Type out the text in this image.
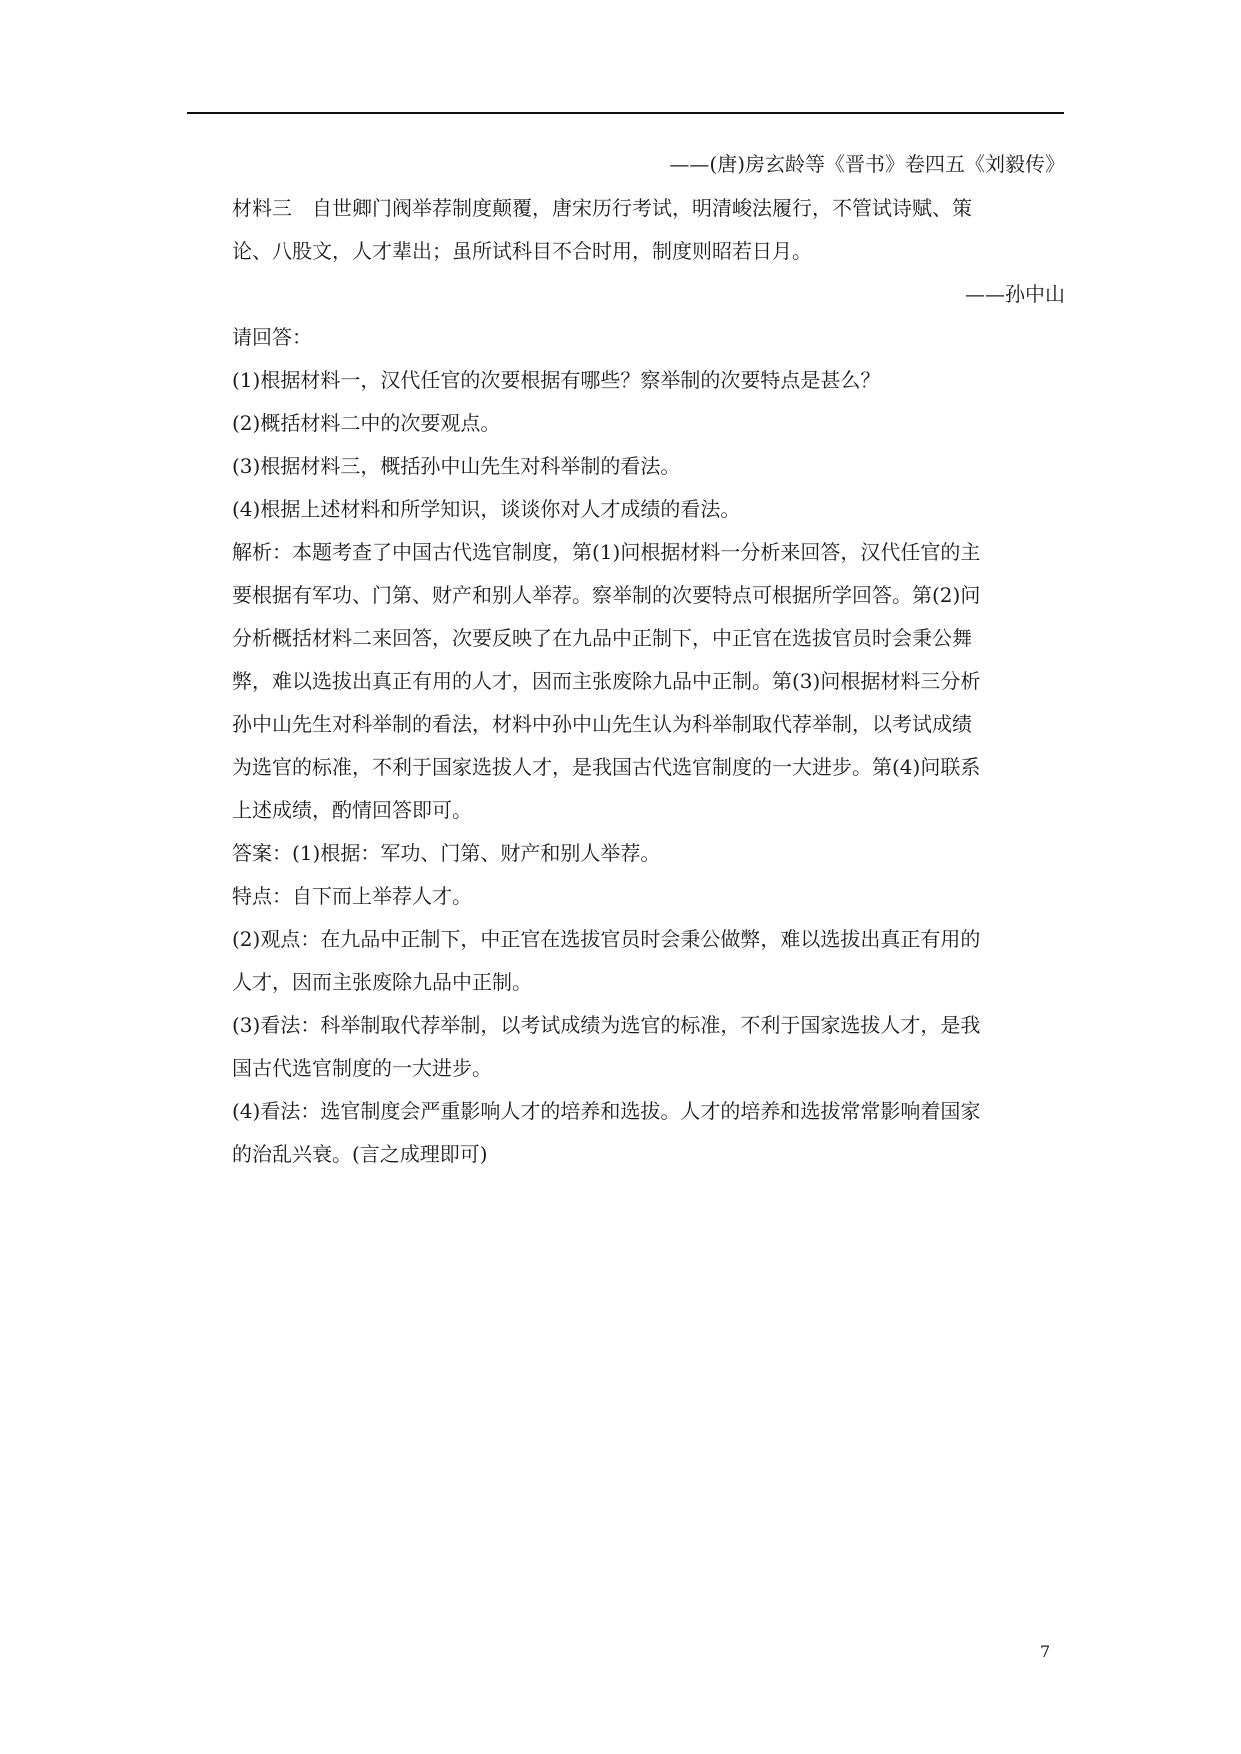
——(唐)房玄龄等《晋书》卷四五《刘毅传》
材料三　自世卿门阀举荐制度颠覆，唐宋历行考试，明清峻法履行，不管试诗赋、策
论、八股文，人才辈出；虽所试科目不合时用，制度则昭若日月。
——孙中山
请回答：
(1)根据材料一，汉代任官的次要根据有哪些？察举制的次要特点是甚么？
(2)概括材料二中的次要观点。
(3)根据材料三，概括孙中山先生对科举制的看法。
(4)根据上述材料和所学知识，谈谈你对人才成绩的看法。
解析：本题考查了中国古代选官制度，第(1)问根据材料一分析来回答，汉代任官的主
要根据有军功、门第、财产和别人举荐。察举制的次要特点可根据所学回答。第(2)问
分析概括材料二来回答，次要反映了在九品中正制下，中正官在选拔官员时会秉公舞
弊，难以选拔出真正有用的人才，因而主张废除九品中正制。第(3)问根据材料三分析
孙中山先生对科举制的看法，材料中孙中山先生认为科举制取代荐举制，以考试成绩
为选官的标准，不利于国家选拔人才，是我国古代选官制度的一大进步。第(4)问联系
上述成绩，酌情回答即可。
答案：(1)根据：军功、门第、财产和别人举荐。
特点：自下而上举荐人才。
(2)观点：在九品中正制下，中正官在选拔官员时会秉公做弊，难以选拔出真正有用的
人才，因而主张废除九品中正制。
(3)看法：科举制取代荐举制，以考试成绩为选官的标准，不利于国家选拔人才，是我
国古代选官制度的一大进步。
(4)看法：选官制度会严重影响人才的培养和选拔。人才的培养和选拔常常影响着国家
的治乱兴衰。(言之成理即可)
7
